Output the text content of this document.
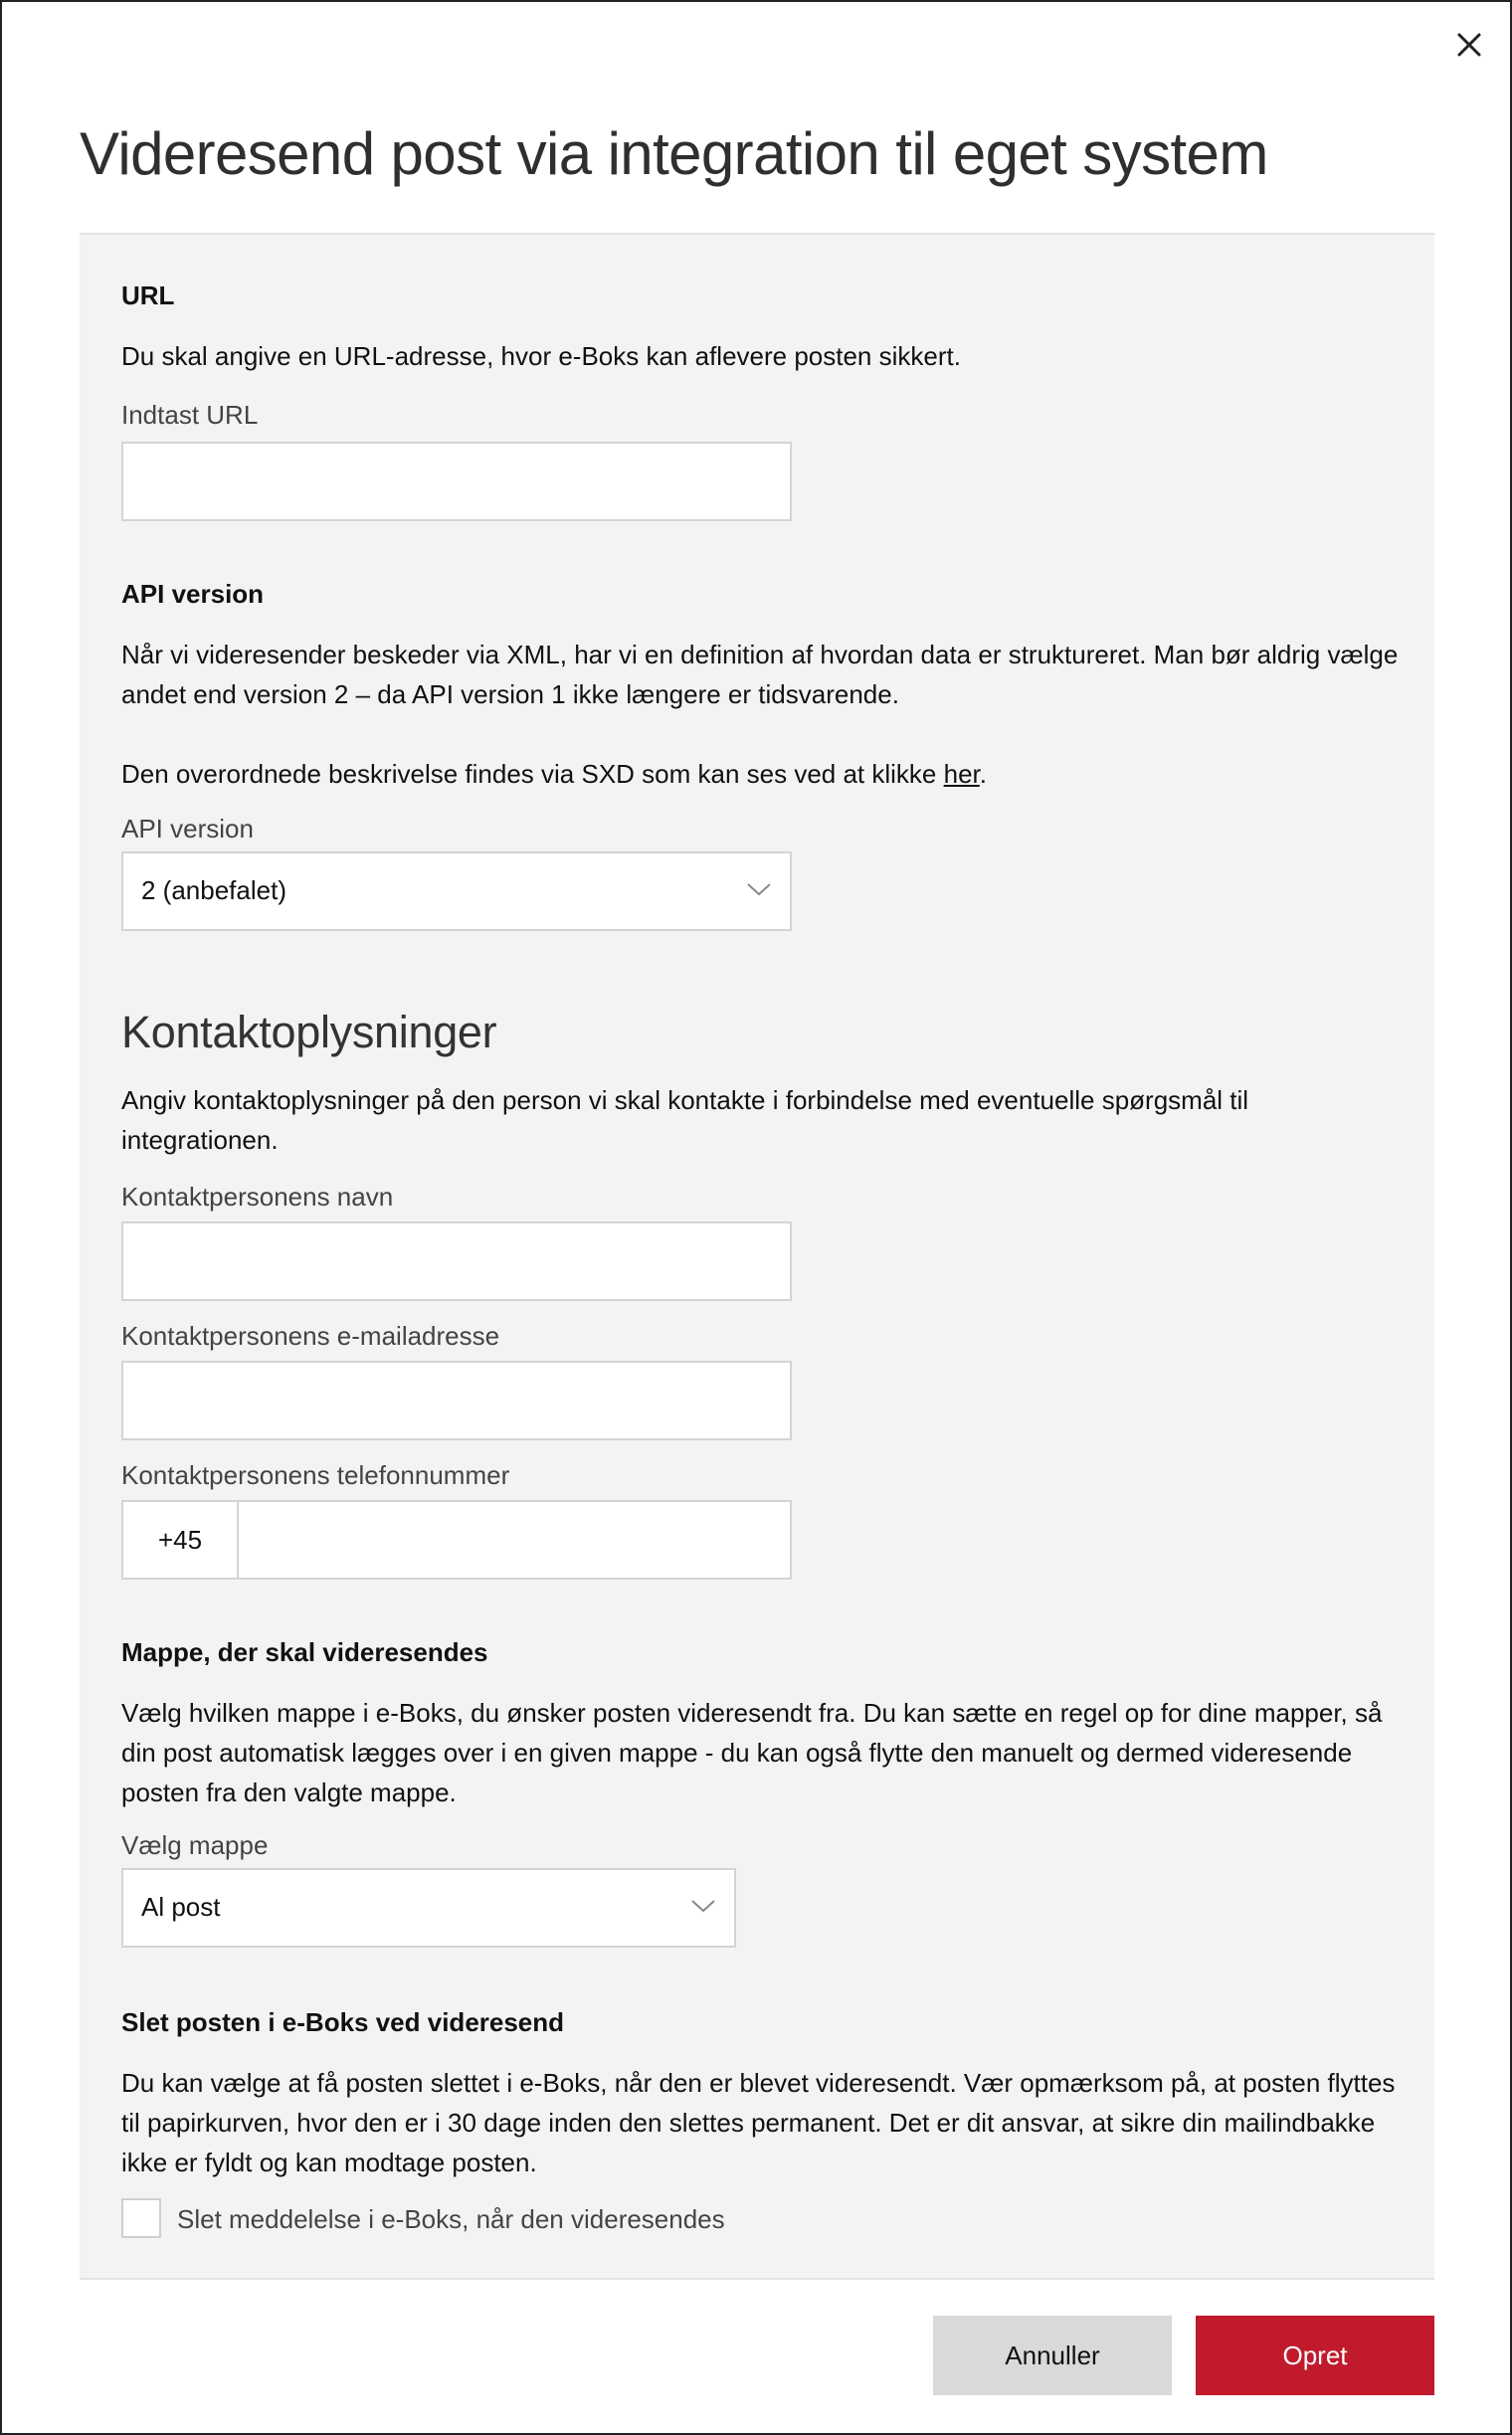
Videresend post via integration til eget system
URL
Du skal angive en URL-adresse, hvor e-Boks kan aflevere posten sikkert.
Indtast URL
API version
Når vi videresender beskeder via XML, har vi en definition af hvordan data er struktureret. Man bør aldrig vælge andet end version 2 – da API version 1 ikke længere er tidsvarende.
Den overordnede beskrivelse findes via SXD som kan ses ved at klikke her.
API version
2 (anbefalet)
Kontaktoplysninger
Angiv kontaktoplysninger på den person vi skal kontakte i forbindelse med eventuelle spørgsmål til integrationen.
Kontaktpersonens navn
Kontaktpersonens e-mailadresse
Kontaktpersonens telefonnummer
+45
Mappe, der skal videresendes
Vælg hvilken mappe i e-Boks, du ønsker posten videresendt fra. Du kan sætte en regel op for dine mapper, så din post automatisk lægges over i en given mappe - du kan også flytte den manuelt og dermed videresende posten fra den valgte mappe.
Vælg mappe
Al post
Slet posten i e-Boks ved videresend
Du kan vælge at få posten slettet i e-Boks, når den er blevet videresendt. Vær opmærksom på, at posten flyttes til papirkurven, hvor den er i 30 dage inden den slettes permanent. Det er dit ansvar, at sikre din mailindbakke ikke er fyldt og kan modtage posten.
Slet meddelelse i e-Boks, når den videresendes
Annuller	Opret
